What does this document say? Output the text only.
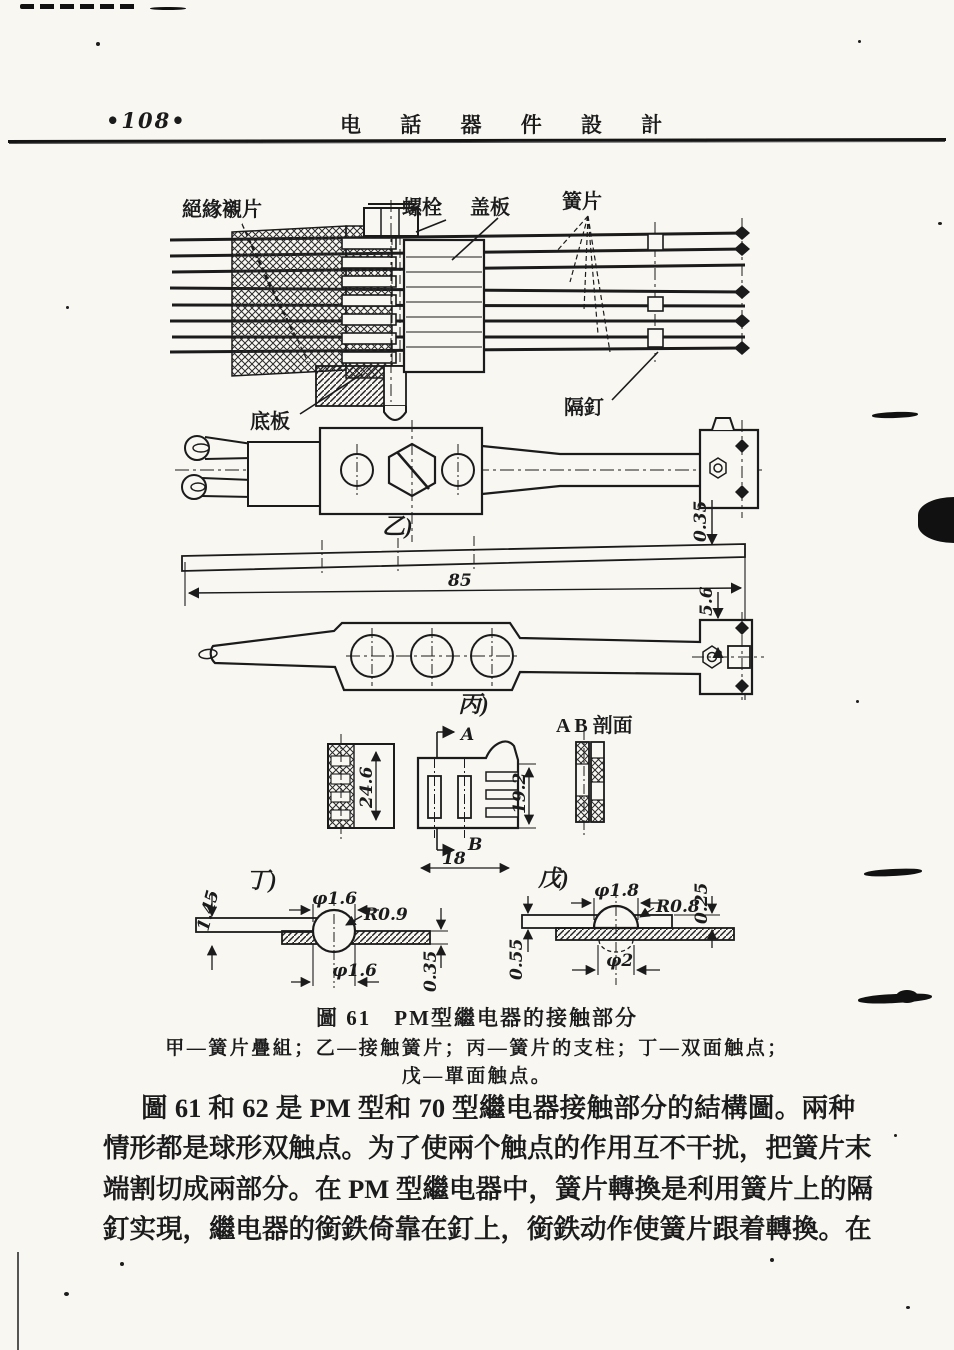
•108•	电 話 器 件 設 計
絕緣襯片	螺栓 盖板	簧片
底板
隔釘
乙)	0.35
85
5.6
丙)
24.6
A
B
18
19.2
A B 剖面
丁)
φ1.6
R0.9
φ1.6	0.35
1.45
戊) φ1.8
R0.8
0.25
0.55	φ2
圖 61　PM型繼电器的接触部分
甲—簧片疊組；乙—接触簧片；丙—簧片的支柱；丁—双面触点；
戊—單面触点。
圖 61 和 62 是 PM 型和 70 型繼电器接触部分的結構圖。兩种
情形都是球形双触点。为了使兩个触点的作用互不干扰，把簧片末
端割切成兩部分。在 PM 型繼电器中，簧片轉換是利用簧片上的隔
釘实現，繼电器的銜鉄倚靠在釘上，銜鉄动作使簧片跟着轉換。在
